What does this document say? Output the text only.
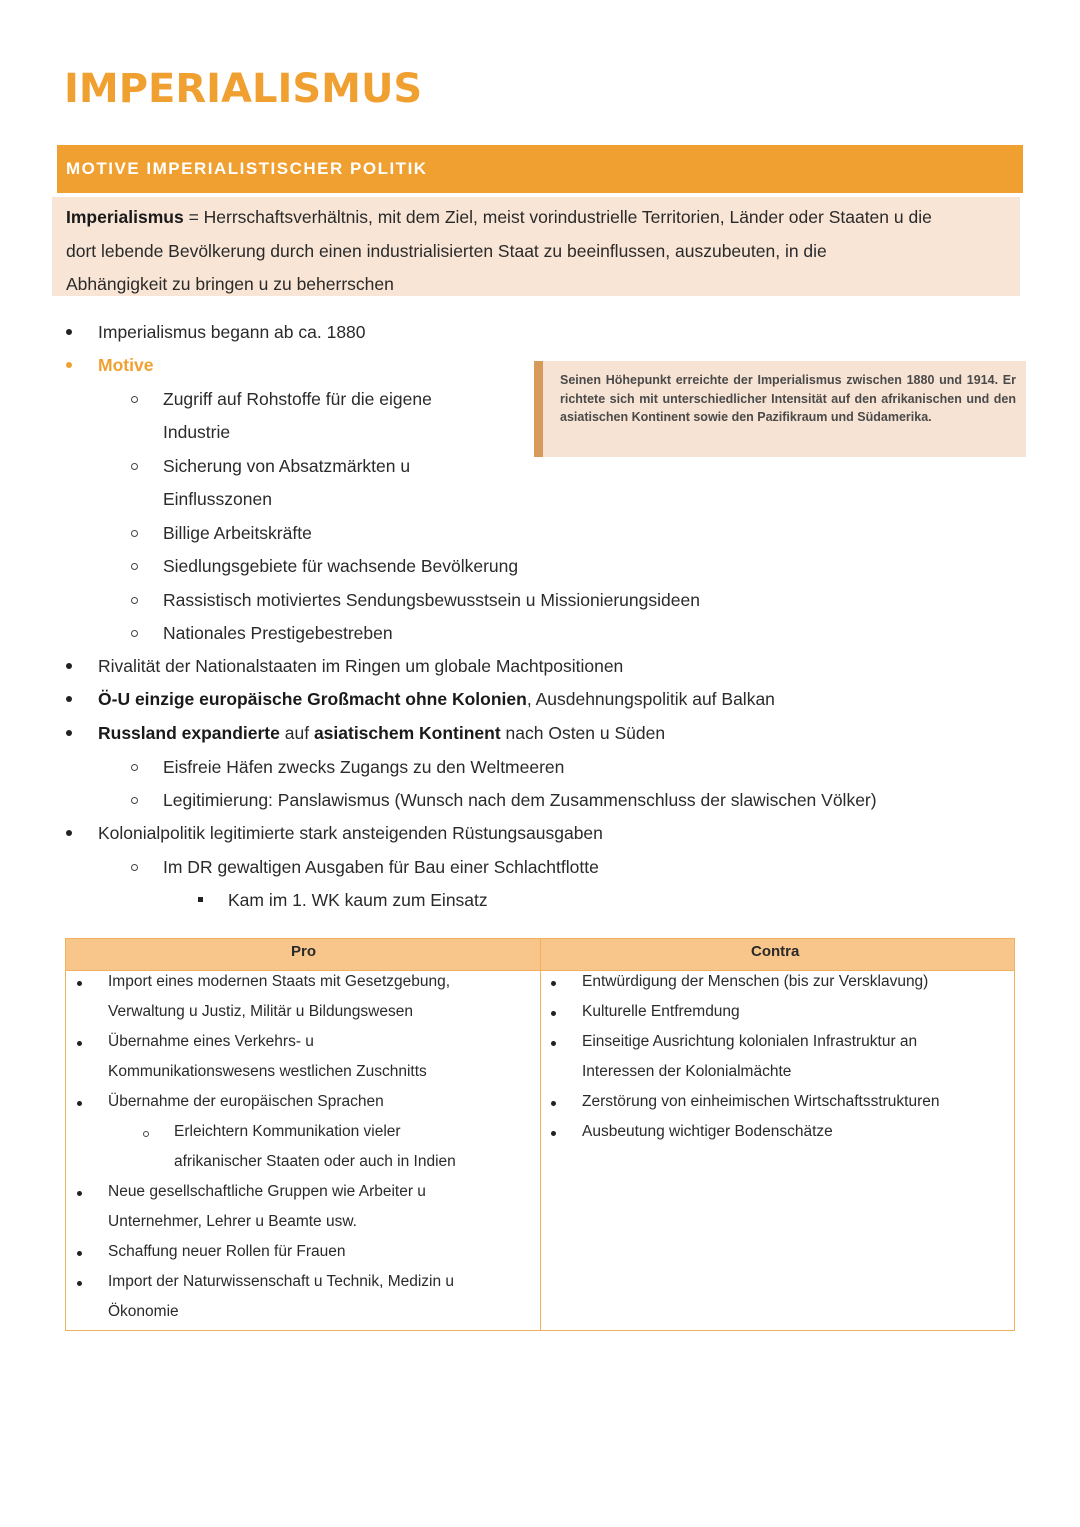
IMPERIALISMUS
MOTIVE IMPERIALISTISCHER POLITIK
Imperialismus = Herrschaftsverhältnis, mit dem Ziel, meist vorindustrielle Territorien, Länder oder Staaten u die
dort lebende Bevölkerung durch einen industrialisierten Staat zu beeinflussen, auszubeuten, in die
Abhängigkeit zu bringen u zu beherrschen
Seinen Höhepunkt erreichte der Imperialismus zwischen 1880 und 1914. Er richtete sich mit unterschiedlicher Intensität auf den afrikanischen und den asiatischen Kontinent sowie den Pazifikraum und Südamerika.
Imperialismus begann ab ca. 1880
Motive
Zugriff auf Rohstoffe für die eigene
Industrie
Sicherung von Absatzmärkten u
Einflusszonen
Billige Arbeitskräfte
Siedlungsgebiete für wachsende Bevölkerung
Rassistisch motiviertes Sendungsbewusstsein u Missionierungsideen
Nationales Prestigebestreben
Rivalität der Nationalstaaten im Ringen um globale Machtpositionen
Ö-U einzige europäische Großmacht ohne Kolonien, Ausdehnungspolitik auf Balkan
Russland expandierte auf asiatischem Kontinent nach Osten u Süden
Eisfreie Häfen zwecks Zugangs zu den Weltmeeren
Legitimierung: Panslawismus (Wunsch nach dem Zusammenschluss der slawischen Völker)
Kolonialpolitik legitimierte stark ansteigenden Rüstungsausgaben
Im DR gewaltigen Ausgaben für Bau einer Schlachtflotte
Kam im 1. WK kaum zum Einsatz
Pro	Contra
Import eines modernen Staats mit Gesetzgebung,
Verwaltung u Justiz, Militär u Bildungswesen
Übernahme eines Verkehrs- u
Kommunikationswesens westlichen Zuschnitts
Übernahme der europäischen Sprachen
Erleichtern Kommunikation vieler
afrikanischer Staaten oder auch in Indien
Neue gesellschaftliche Gruppen wie Arbeiter u
Unternehmer, Lehrer u Beamte usw.
Schaffung neuer Rollen für Frauen
Import der Naturwissenschaft u Technik, Medizin u
Ökonomie
Entwürdigung der Menschen (bis zur Versklavung)
Kulturelle Entfremdung
Einseitige Ausrichtung kolonialen Infrastruktur an
Interessen der Kolonialmächte
Zerstörung von einheimischen Wirtschaftsstrukturen
Ausbeutung wichtiger Bodenschätze
